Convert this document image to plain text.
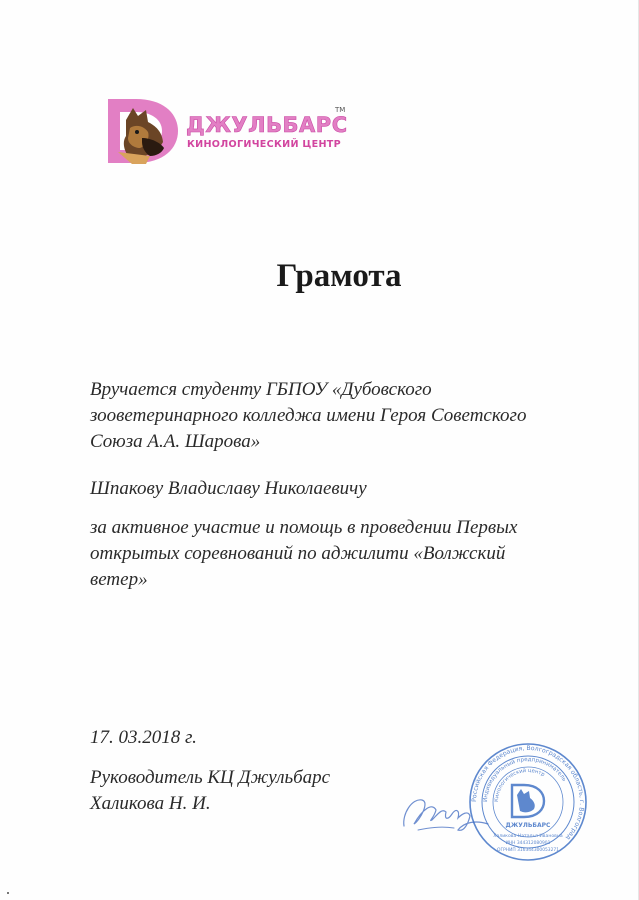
ДЖУЛЬБАРС
TM
КИНОЛОГИЧЕСКИЙ ЦЕНТР
Грамота
Вручается студенту ГБПОУ «Дубовского
зооветеринарного колледжа имени Героя Советского
Союза А.А. Шарова»
Шпакову Владиславу Николаевичу
за активное участие и помощь в проведении Первых
открытых соревнований по аджилити «Волжский
ветер»
17. 03.2018 г.
Руководитель КЦ Джульбарс
Халикова Н. И.	Российская Федерация, Волгоградская область, г. Волгоград
Индивидуальный предприниматель
Кинологический центр
ДЖУЛЬБАРС
Халикова Наталья Ивановна
ИНН 344312080901
ОГРНИП 316344300053271
